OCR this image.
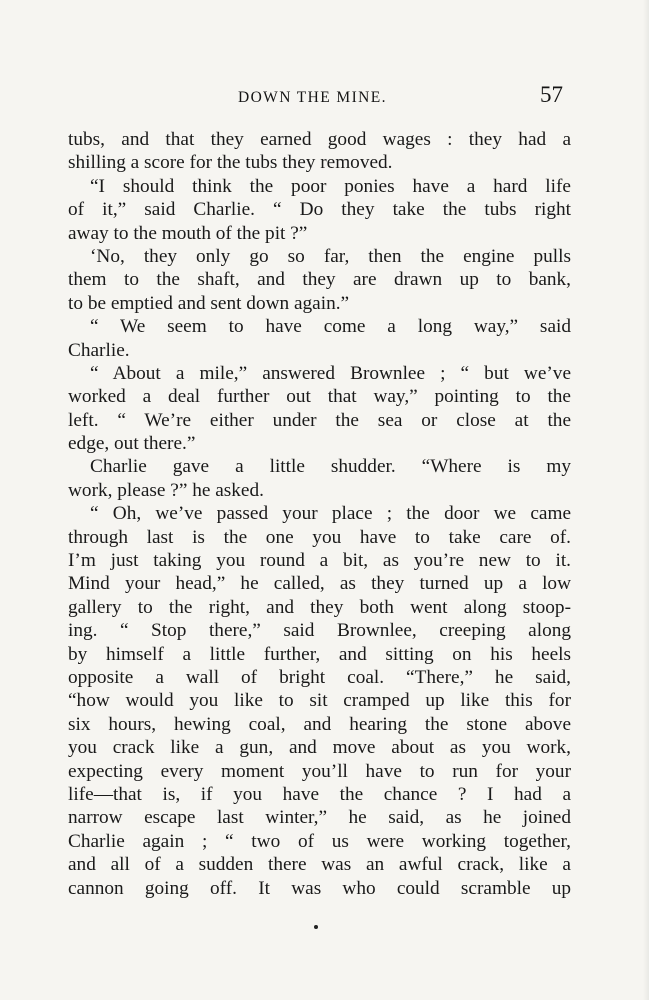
DOWN THE MINE.	57
tubs, and that they earned good wages : they had a
shilling a score for the tubs they removed.
“I should think the poor ponies have a hard life
of it,” said Charlie. “ Do they take the tubs right
away to the mouth of the pit ?”
‘No, they only go so far, then the engine pulls
them to the shaft, and they are drawn up to bank,
to be emptied and sent down again.”
“ We seem to have come a long way,” said
Charlie.
“ About a mile,” answered Brownlee ; “ but we’ve
worked a deal further out that way,” pointing to the
left. “ We’re either under the sea or close at the
edge, out there.”
Charlie gave a little shudder. “Where is my
work, please ?” he asked.
“ Oh, we’ve passed your place ; the door we came
through last is the one you have to take care of.
I’m just taking you round a bit, as you’re new to it.
Mind your head,” he called, as they turned up a low
gallery to the right, and they both went along stoop-
ing. “ Stop there,” said Brownlee, creeping along
by himself a little further, and sitting on his heels
opposite a wall of bright coal. “There,” he said,
“how would you like to sit cramped up like this for
six hours, hewing coal, and hearing the stone above
you crack like a gun, and move about as you work,
expecting every moment you’ll have to run for your
life—that is, if you have the chance ? I had a
narrow escape last winter,” he said, as he joined
Charlie again ; “ two of us were working together,
and all of a sudden there was an awful crack, like a
cannon going off. It was who could scramble up
